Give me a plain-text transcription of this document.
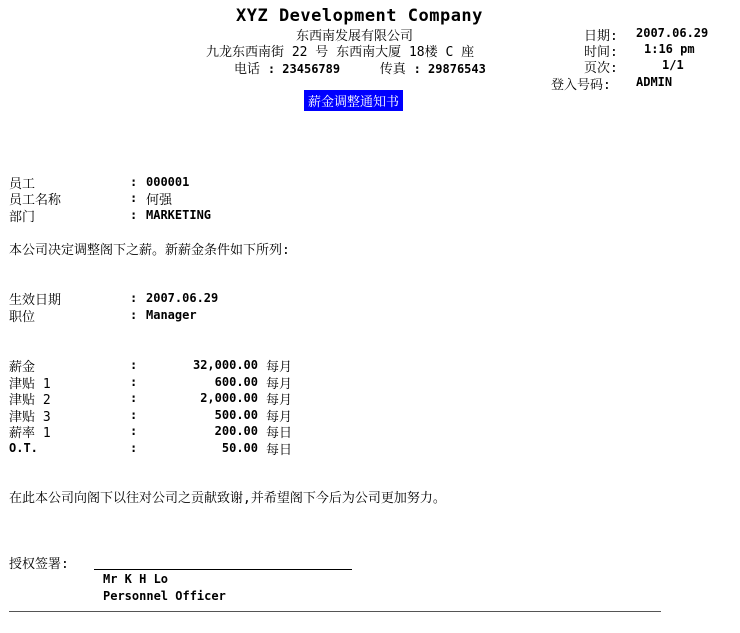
XYZ Development Company
东西南发展有限公司
九龙东西南街 22 号 东西南大厦 18楼 C 座
电话 : 23456789	传真 : 29876543
日期: 2007.06.29
时间: 1:16 pm
页次:	1/1
登入号码: ADMIN
薪金调整通知书
员工	: 000001
员工名称	: 何强
部门	: MARKETING
本公司决定调整阁下之薪。新薪金条件如下所列:
生效日期	: 2007.06.29
职位	: Manager
薪金	:	32,000.00 每月
津贴 1	:	600.00 每月
津贴 2	:	2,000.00 每月
津贴 3	:	500.00 每月
薪率 1	:	200.00 每日
O.T.	:	50.00 每日
在此本公司向阁下以往对公司之贡献致谢,并希望阁下今后为公司更加努力。
授权签署:
Mr K H Lo
Personnel Officer
